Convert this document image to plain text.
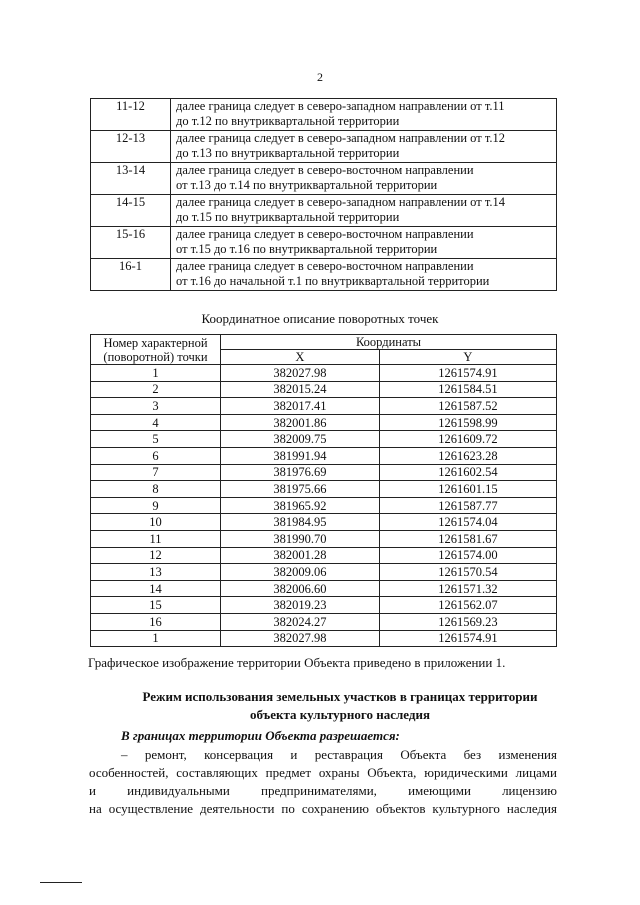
2
11-12	далее граница следует в северо-западном направлении от т.11
до т.12 по внутриквартальной территории

12-13	далее граница следует в северо-западном направлении от т.12
до т.13 по внутриквартальной территории

13-14	далее граница следует в северо-восточном направлении
от т.13 до т.14 по внутриквартальной территории

14-15	далее граница следует в северо-западном направлении от т.14
до т.15 по внутриквартальной территории

15-16	далее граница следует в северо-восточном направлении
от т.15 до т.16 по внутриквартальной территории

16-1	далее граница следует в северо-восточном направлении
от т.16 до начальной т.1 по внутриквартальной территории
Координатное описание поворотных точек
Номер характерной
(поворотной) точки	Координаты	
	X	Y
1	382027.98	1261574.91
2	382015.24	1261584.51
3	382017.41	1261587.52
4	382001.86	1261598.99
5	382009.75	1261609.72
6	381991.94	1261623.28
7	381976.69	1261602.54
8	381975.66	1261601.15
9	381965.92	1261587.77
10	381984.95	1261574.04
11	381990.70	1261581.67
12	382001.28	1261574.00
13	382009.06	1261570.54
14	382006.60	1261571.32
15	382019.23	1261562.07
16	382024.27	1261569.23
1	382027.98	1261574.91
Графическое изображение территории Объекта приведено в приложении 1.
Режим использования земельных участков в границах территории
объекта культурного наследия
В границах территории Объекта разрешается:
– ремонт, консервация и реставрация Объекта без изменения
особенностей, составляющих предмет охраны Объекта, юридическими лицами
и индивидуальными предпринимателями, имеющими лицензию
на осуществление деятельности по сохранению объектов культурного наследия
